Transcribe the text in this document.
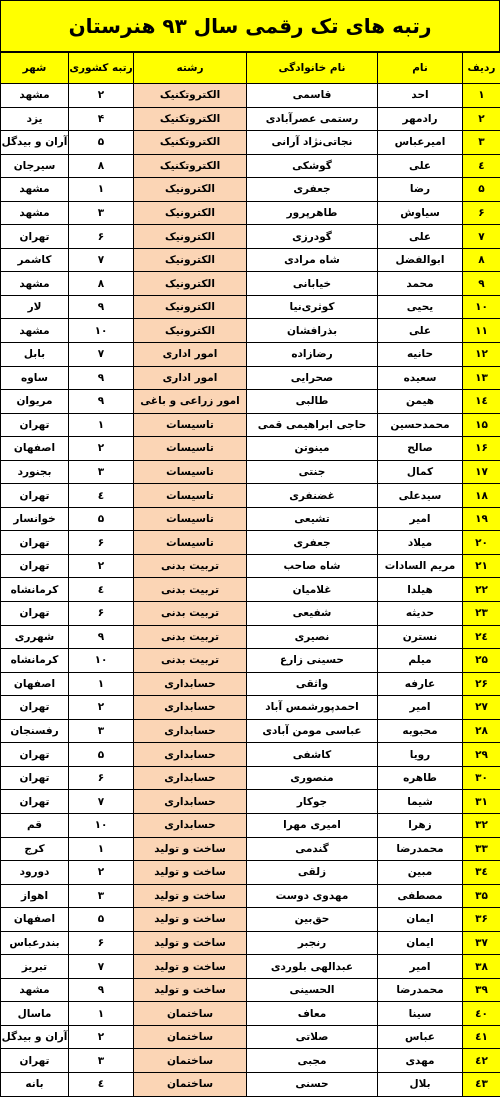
رتبه های تک رقمی سال ۹۳ هنرستان
ردیف	نام	نام خانوادگی	رشته	رتبه کشوری	شهر
۱	احد	قاسمی	الکتروتکنیک	۲	مشهد
۲	رادمهر	رستمی عصرآبادی	الکتروتکنیک	۴	یزد
۳	امیرعباس	نجاتی‌نژاد آرانی	الکتروتکنیک	۵	آران و بیدگل
٤	علی	گوشکی	الکتروتکنیک	۸	سیرجان
۵	رضا	جعفری	الکترونیک	۱	مشهد
۶	سیاوش	طاهرپرور	الکترونیک	۳	مشهد
۷	علی	گودرزی	الکترونیک	۶	تهران
۸	ابوالفضل	شاه مرادی	الکترونیک	۷	کاشمر
۹	محمد	خیابانی	الکترونیک	۸	مشهد
۱۰	یحیی	کوثری‌نیا	الکترونیک	۹	لار
۱۱	علی	بذرافشان	الکترونیک	۱۰	مشهد
۱۲	حانیه	رضازاده	امور اداری	۷	بابل
۱۳	سعیده	صحرایی	امور اداری	۹	ساوه
۱٤	هیمن	طالبی	امور زراعی و باغی	۹	مریوان
۱۵	محمدحسین	حاجی ابراهیمی قمی	تاسیسات	۱	تهران
۱۶	صالح	مینوتن	تاسیسات	۲	اصفهان
۱۷	کمال	جنتی	تاسیسات	۳	بجنورد
۱۸	سیدعلی	غضنفری	تاسیسات	٤	تهران
۱۹	امیر	تشیعی	تاسیسات	۵	خوانسار
۲۰	میلاد	جعفری	تاسیسات	۶	تهران
۲۱	مریم السادات	شاه صاحب	تربیت بدنی	۲	تهران
۲۲	هیلدا	غلامیان	تربیت بدنی	٤	کرمانشاه
۲۳	حدیثه	شفیعی	تربیت بدنی	۶	تهران
۲٤	نسترن	نصیری	تربیت بدنی	۹	شهرری
۲۵	میلم	حسینی زارع	تربیت بدنی	۱۰	کرمانشاه
۲۶	عارفه	واثقی	حسابداری	۱	اصفهان
۲۷	امیر	احمدپورشمس آباد	حسابداری	۲	تهران
۲۸	محبوبه	عباسی مومن آبادی	حسابداری	۳	رفسنجان
۲۹	رویا	کاشفی	حسابداری	۵	تهران
۳۰	طاهره	منصوری	حسابداری	۶	تهران
۳۱	شیما	جوکار	حسابداری	۷	تهران
۳۲	زهرا	امیری مهرا	حسابداری	۱۰	قم
۳۳	محمدرضا	گندمی	ساخت و تولید	۱	کرج
۳٤	مبین	زلقی	ساخت و تولید	۲	دورود
۳۵	مصطفی	مهدوی دوست	ساخت و تولید	۳	اهواز
۳۶	ایمان	حق‌بین	ساخت و تولید	۵	اصفهان
۳۷	ایمان	رنجبر	ساخت و تولید	۶	بندرعباس
۳۸	امیر	عبدالهی بلوردی	ساخت و تولید	۷	تبریز
۳۹	محمدرضا	الحسینی	ساخت و تولید	۹	مشهد
٤۰	سینا	معاف	ساختمان	۱	ماسال
٤۱	عباس	صلاتی	ساختمان	۲	آران و بیدگل
٤۲	مهدی	مجبی	ساختمان	۳	تهران
٤۳	بلال	حسنی	ساختمان	٤	بانه
